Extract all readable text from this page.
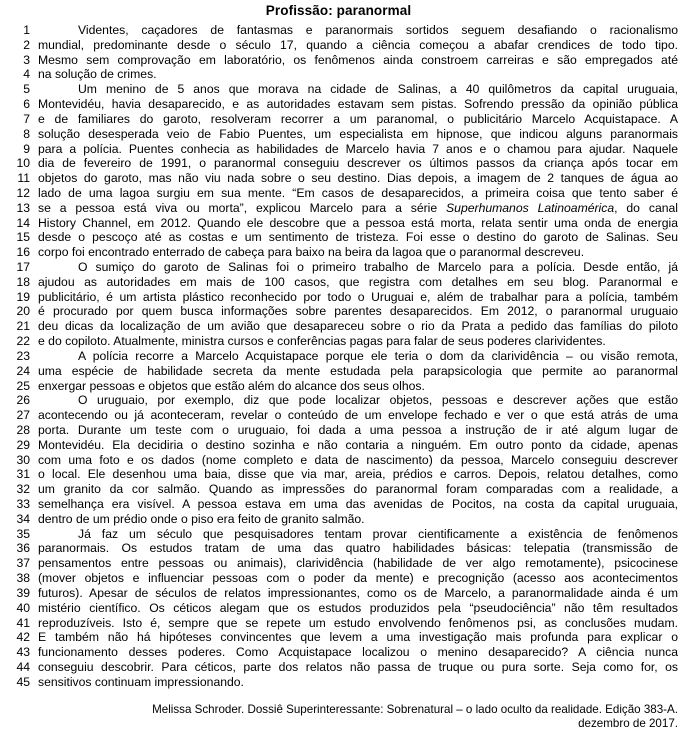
Profissão: paranormal
1	Videntes, caçadores de fantasmas e paranormais sortidos seguem desafiando o racionalismo
2 mundial, predominante desde o século 17, quando a ciência começou a abafar crendices de todo tipo.
3 Mesmo sem comprovação em laboratório, os fenômenos ainda constroem carreiras e são empregados até
4 na solução de crimes.
5	Um menino de 5 anos que morava na cidade de Salinas, a 40 quilômetros da capital uruguaia,
6 Montevidéu, havia desaparecido, e as autoridades estavam sem pistas. Sofrendo pressão da opinião pública
7 e de familiares do garoto, resolveram recorrer a um paranomal, o publicitário Marcelo Acquistapace. A
8 solução desesperada veio de Fabio Puentes, um especialista em hipnose, que indicou alguns paranormais
9 para a polícia. Puentes conhecia as habilidades de Marcelo havia 7 anos e o chamou para ajudar. Naquele
10 dia de fevereiro de 1991, o paranormal conseguiu descrever os últimos passos da criança após tocar em
11 objetos do garoto, mas não viu nada sobre o seu destino. Dias depois, a imagem de 2 tanques de água ao
12 lado de uma lagoa surgiu em sua mente. “Em casos de desaparecidos, a primeira coisa que tento saber é
13 se a pessoa está viva ou morta”, explicou Marcelo para a série Superhumanos Latinoamérica, do canal
14 History Channel, em 2012. Quando ele descobre que a pessoa está morta, relata sentir uma onda de energia
15 desde o pescoço até as costas e um sentimento de tristeza. Foi esse o destino do garoto de Salinas. Seu
16 corpo foi encontrado enterrado de cabeça para baixo na beira da lagoa que o paranormal descreveu.
17	O sumiço do garoto de Salinas foi o primeiro trabalho de Marcelo para a polícia. Desde então, já
18 ajudou as autoridades em mais de 100 casos, que registra com detalhes em seu blog. Paranormal e
19 publicitário, é um artista plástico reconhecido por todo o Uruguai e, além de trabalhar para a polícia, também
20 é procurado por quem busca informações sobre parentes desaparecidos. Em 2012, o paranormal uruguaio
21 deu dicas da localização de um avião que desapareceu sobre o rio da Prata a pedido das famílias do piloto
22 e do copiloto. Atualmente, ministra cursos e conferências pagas para falar de seus poderes clarividentes.
23	A polícia recorre a Marcelo Acquistapace porque ele teria o dom da clarividência – ou visão remota,
24 uma espécie de habilidade secreta da mente estudada pela parapsicologia que permite ao paranormal
25 enxergar pessoas e objetos que estão além do alcance dos seus olhos.
26	O uruguaio, por exemplo, diz que pode localizar objetos, pessoas e descrever ações que estão
27 acontecendo ou já aconteceram, revelar o conteúdo de um envelope fechado e ver o que está atrás de uma
28 porta. Durante um teste com o uruguaio, foi dada a uma pessoa a instrução de ir até algum lugar de
29 Montevidéu. Ela decidiria o destino sozinha e não contaria a ninguém. Em outro ponto da cidade, apenas
30 com uma foto e os dados (nome completo e data de nascimento) da pessoa, Marcelo conseguiu descrever
31 o local. Ele desenhou uma baia, disse que via mar, areia, prédios e carros. Depois, relatou detalhes, como
32 um granito da cor salmão. Quando as impressões do paranormal foram comparadas com a realidade, a
33 semelhança era visível. A pessoa estava em uma das avenidas de Pocitos, na costa da capital uruguaia,
34 dentro de um prédio onde o piso era feito de granito salmão.
35	Já faz um século que pesquisadores tentam provar cientificamente a existência de fenômenos
36 paranormais. Os estudos tratam de uma das quatro habilidades básicas: telepatia (transmissão de
37 pensamentos entre pessoas ou animais), clarividência (habilidade de ver algo remotamente), psicocinese
38 (mover objetos e influenciar pessoas com o poder da mente) e precognição (acesso aos acontecimentos
39 futuros). Apesar de séculos de relatos impressionantes, como os de Marcelo, a paranormalidade ainda é um
40 mistério científico. Os céticos alegam que os estudos produzidos pela “pseudociência” não têm resultados
41 reproduzíveis. Isto é, sempre que se repete um estudo envolvendo fenômenos psi, as conclusões mudam.
42 E também não há hipóteses convincentes que levem a uma investigação mais profunda para explicar o
43 funcionamento desses poderes. Como Acquistapace localizou o menino desaparecido? A ciência nunca
44 conseguiu descobrir. Para céticos, parte dos relatos não passa de truque ou pura sorte. Seja como for, os
45 sensitivos continuam impressionando.
Melissa Schroder. Dossiê Superinteressante: Sobrenatural – o lado oculto da realidade. Edição 383-A.
dezembro de 2017.
